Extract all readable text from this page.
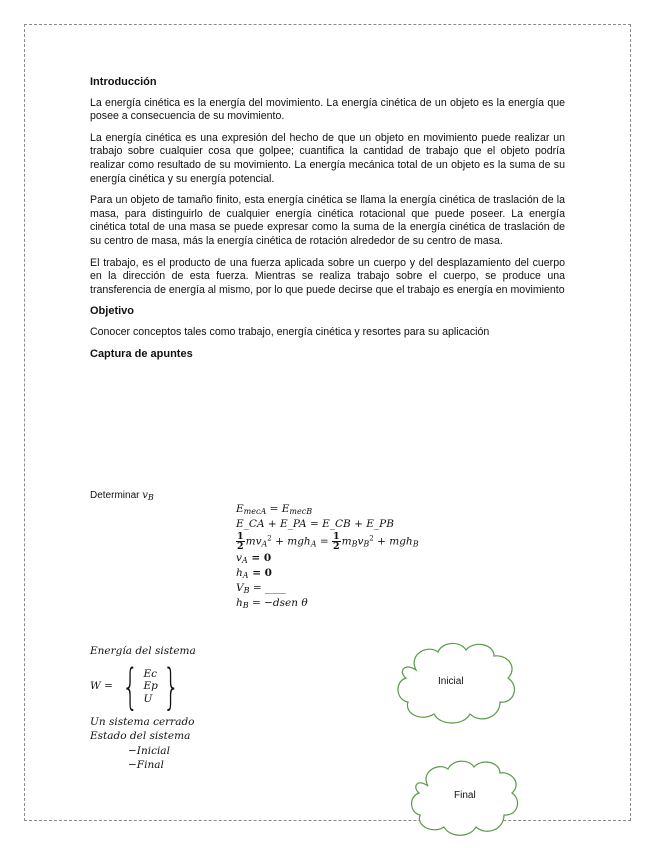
Introducción
La energía cinética es la energía del movimiento. La energía cinética de un objeto es la energía que posee a consecuencia de su movimiento.
La energía cinética es una expresión del hecho de que un objeto en movimiento puede realizar un trabajo sobre cualquier cosa que golpee; cuantifica la cantidad de trabajo que el objeto podría realizar como resultado de su movimiento. La energía mecánica total de un objeto es la suma de su energía cinética y su energía potencial.
Para un objeto de tamaño finito, esta energía cinética se llama la energía cinética de traslación de la masa, para distinguirlo de cualquier energía cinética rotacional que puede poseer. La energía cinética total de una masa se puede expresar como la suma de la energía cinética de traslación de su centro de masa, más la energía cinética de rotación alrededor de su centro de masa.
El trabajo, es el producto de una fuerza aplicada sobre un cuerpo y del desplazamiento del cuerpo en la dirección de esta fuerza. Mientras se realiza trabajo sobre el cuerpo, se produce una transferencia de energía al mismo, por lo que puede decirse que el trabajo es energía en movimiento
Objetivo
Conocer conceptos tales como trabajo, energía cinética y resortes para su aplicación
Captura de apuntes
Determinar $v_B$
EmecA = EmecB
E_CA + E_PA = E_CB + E_PB
$\frac{1}{2} mvA^2$ + mghA = $\frac{1}{2}$ mBvB$^2$ + mghB
vA = 0
hA = 0
VB = ____
hB = −dsen θ
Energía del sistema
W = { Ec
Ep
U }
Un sistema cerrado
Estado del sistema
−Inicial
−Final
Inicial
Final
